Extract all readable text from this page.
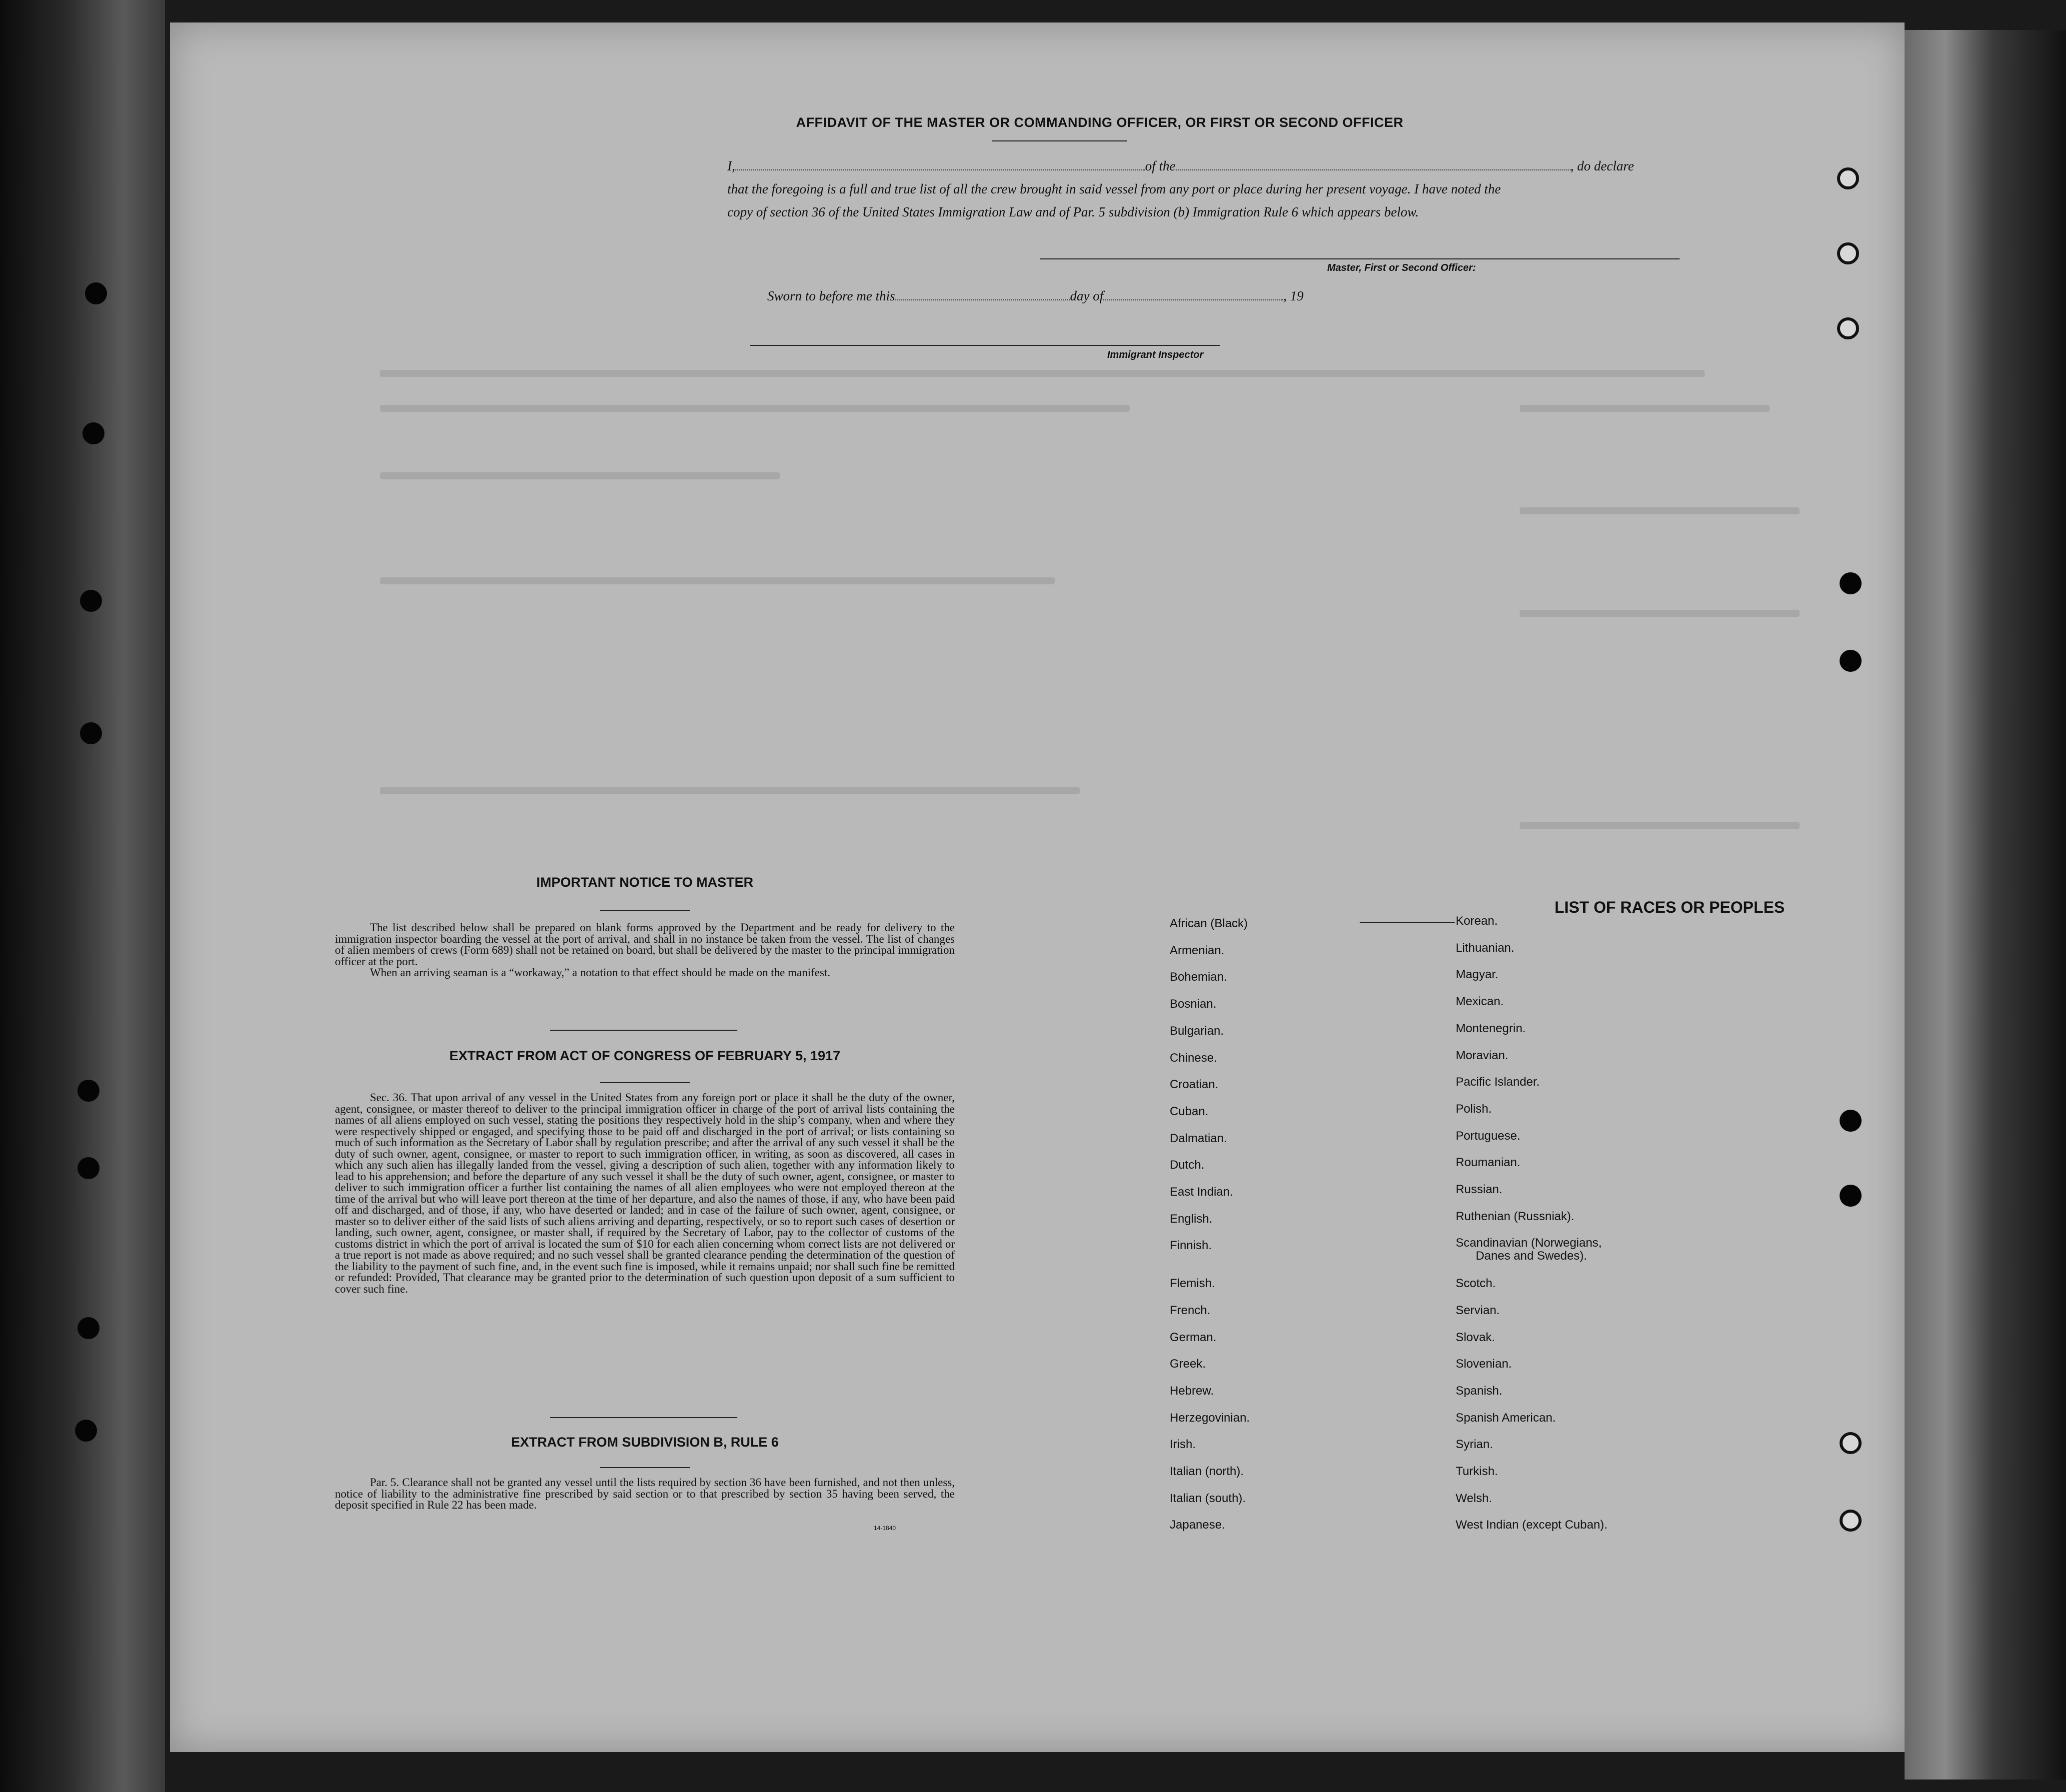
AFFIDAVIT OF THE MASTER OR COMMANDING OFFICER, OR FIRST OR SECOND OFFICER
I,	of the	, do declare
that the foregoing is a full and true list of all the crew brought in said vessel from any port or place during her present voyage. I have noted the
copy of section 36 of the United States Immigration Law and of Par. 5 subdivision (b) Immigration Rule 6 which appears below.
Master, First or Second Officer:
Sworn to before me this	day of	, 19
Immigrant Inspector
IMPORTANT NOTICE TO MASTER

The list described below shall be prepared on blank forms approved by the Department and be ready for delivery to the immigration inspector boarding the vessel at the port of arrival, and shall in no instance be taken from the vessel. The list of changes of alien members of crews (Form 689) shall not be retained on board, but shall be delivered by the master to the principal immigration officer at the port.

When an arriving seaman is a “workaway,” a notation to that effect should be made on the manifest.

EXTRACT FROM ACT OF CONGRESS OF FEBRUARY 5, 1917

Sec. 36. That upon arrival of any vessel in the United States from any foreign port or place it shall be the duty of the owner, agent, consignee, or master thereof to deliver to the principal immigration officer in charge of the port of arrival lists containing the names of all aliens employed on such vessel, stating the positions they respectively hold in the ship’s company, when and where they were respectively shipped or engaged, and specifying those to be paid off and discharged in the port of arrival; or lists containing so much of such information as the Secretary of Labor shall by regulation prescribe; and after the arrival of any such vessel it shall be the duty of such owner, agent, consignee, or master to report to such immigration officer, in writing, as soon as discovered, all cases in which any such alien has illegally landed from the vessel, giving a description of such alien, together with any information likely to lead to his apprehension; and before the departure of any such vessel it shall be the duty of such owner, agent, consignee, or master to deliver to such immigration officer a further list containing the names of all alien employees who were not employed thereon at the time of the arrival but who will leave port thereon at the time of her departure, and also the names of those, if any, who have been paid off and discharged, and of those, if any, who have deserted or landed; and in case of the failure of such owner, agent, consignee, or master so to deliver either of the said lists of such aliens arriving and departing, respectively, or so to report such cases of desertion or landing, such owner, agent, consignee, or master shall, if required by the Secretary of Labor, pay to the collector of customs of the customs district in which the port of arrival is located the sum of $10 for each alien concerning whom correct lists are not delivered or a true report is not made as above required; and no such vessel shall be granted clearance pending the determination of the question of the liability to the payment of such fine, and, in the event such fine is imposed, while it remains unpaid; nor shall such fine be remitted or refunded: Provided, That clearance may be granted prior to the determination of such question upon deposit of a sum sufficient to cover such fine.

EXTRACT FROM SUBDIVISION B, RULE 6

Par. 5. Clearance shall not be granted any vessel until the lists required by section 36 have been furnished, and not then unless, notice of liability to the administrative fine prescribed by said section or to that prescribed by section 35 having been served, the deposit specified in Rule 22 has been made.

14-1840
LIST OF RACES OR PEOPLES
African (Black)
Armenian.
Bohemian.
Bosnian.
Bulgarian.
Chinese.
Croatian.
Cuban.
Dalmatian.
Dutch.
East Indian.
English.
Finnish.
Flemish.
French.
German.
Greek.
Hebrew.
Herzegovinian.
Irish.
Italian (north).
Italian (south).
Japanese.
Korean.
Lithuanian.
Magyar.
Mexican.
Montenegrin.
Moravian.
Pacific Islander.
Polish.
Portuguese.
Roumanian.
Russian.
Ruthenian (Russniak).
Scandinavian (Norwegians,
Danes and Swedes).
Scotch.
Servian.
Slovak.
Slovenian.
Spanish.
Spanish American.
Syrian.
Turkish.
Welsh.
West Indian (except Cuban).
